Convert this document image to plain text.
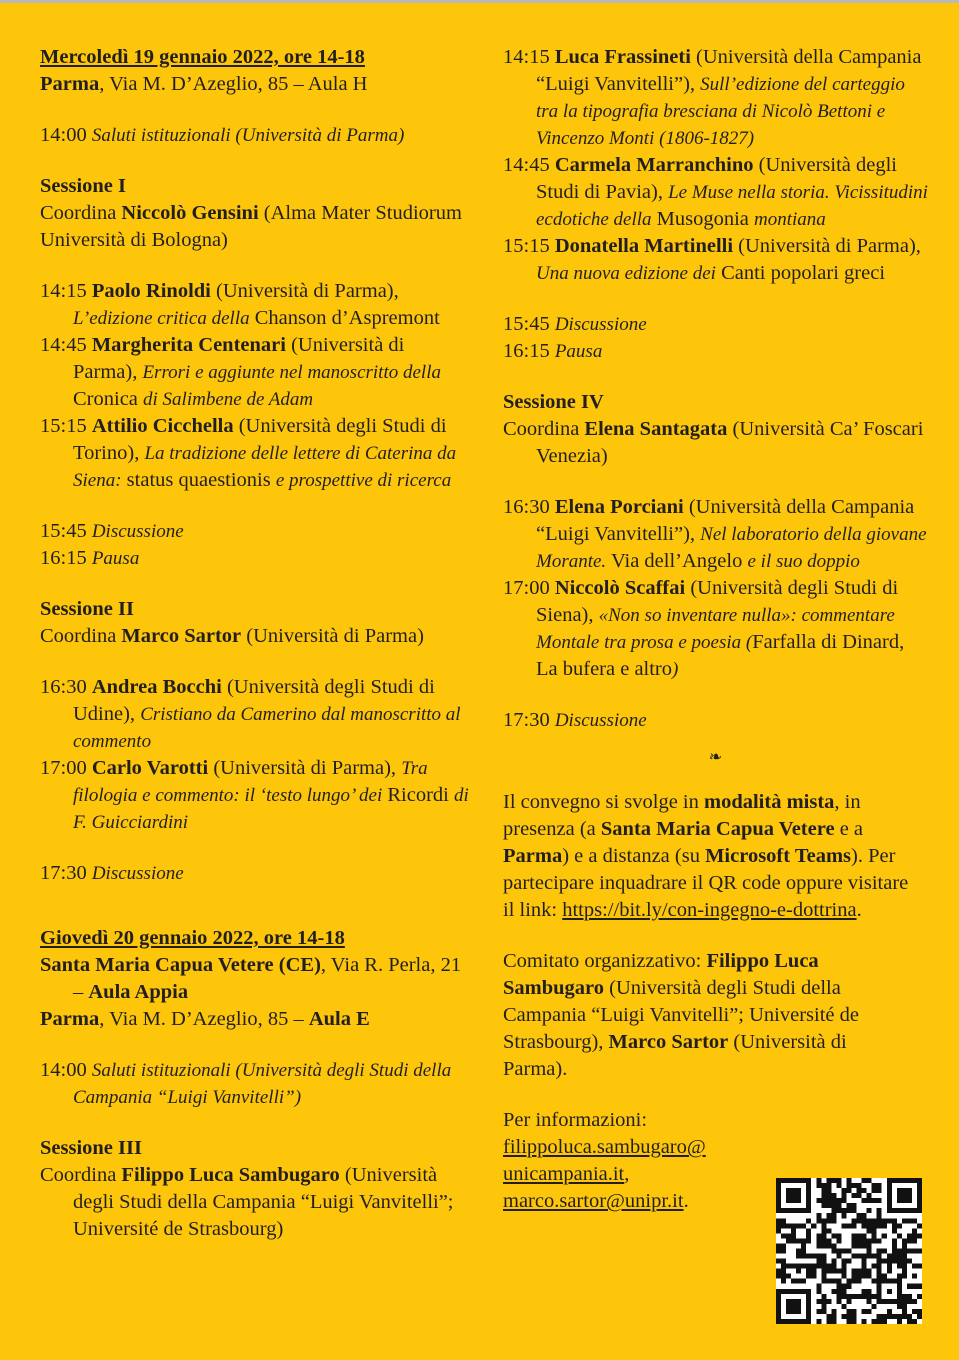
Mercoledì 19 gennaio 2022, ore 14-18

Parma, Via M. D’Azeglio, 85 – Aula H

14:00 Saluti istituzionali (Università di Parma)

Sessione I

Coordina Niccolò Gensini (Alma Mater Studiorum Università di Bologna)

14:15 Paolo Rinoldi (Università di Parma), L’edizione critica della Chanson d’Aspremont

14:45 Margherita Centenari (Università di Parma), Errori e aggiunte nel manoscritto della Cronica di Salimbene de Adam

15:15 Attilio Cicchella (Università degli Studi di Torino), La tradizione delle lettere di Caterina da Siena: status quaestionis e prospettive di ricerca

15:45 Discussione

16:15 Pausa

Sessione II

Coordina Marco Sartor (Università di Parma)

16:30 Andrea Bocchi (Università degli Studi di Udine), Cristiano da Camerino dal manoscritto al commento

17:00 Carlo Varotti (Università di Parma), Tra filologia e commento: il ‘testo lungo’ dei Ricordi di F. Guicciardini

17:30 Discussione

Giovedì 20 gennaio 2022, ore 14-18

Santa Maria Capua Vetere (CE), Via R. Perla, 21 – Aula Appia

Parma, Via M. D’Azeglio, 85 – Aula E

14:00 Saluti istituzionali (Università degli Studi della Campania “Luigi Vanvitelli”)

Sessione III

Coordina Filippo Luca Sambugaro (Università degli Studi della Campania “Luigi Vanvitelli”; Université de Strasbourg)

14:15 Luca Frassineti (Università della Campania “Luigi Vanvitelli”), Sull’edizione del carteggio tra la tipografia bresciana di Nicolò Bettoni e Vincenzo Monti (1806-1827)

14:45 Carmela Marranchino (Università degli Studi di Pavia), Le Muse nella storia. Vicissitudini ecdotiche della Musogonia montiana

15:15 Donatella Martinelli (Università di Parma), Una nuova edizione dei Canti popolari greci

15:45 Discussione

16:15 Pausa

Sessione IV

Coordina Elena Santagata (Università Ca’ Foscari Venezia)

16:30 Elena Porciani (Università della Campania “Luigi Vanvitelli”), Nel laboratorio della giovane Morante. Via dell’Angelo e il suo doppio

17:00 Niccolò Scaffai (Università degli Studi di Siena), «Non so inventare nulla»: commentare Montale tra prosa e poesia (Farfalla di Dinard, La bufera e altro)

17:30 Discussione

❧

Il convegno si svolge in modalità mista, in presenza (a Santa Maria Capua Vetere e a Parma) e a distanza (su Microsoft Teams). Per partecipare inquadrare il QR code oppure visitare il link: https://bit.ly/con-ingegno-e-dottrina.

Comitato organizzativo: Filippo Luca Sambugaro (Università degli Studi della Campania “Luigi Vanvitelli”; Université de Strasbourg), Marco Sartor (Università di Parma).

Per informazioni:

filippoluca.sambugaro@unicampania.it, marco.sartor@unipr.it.
